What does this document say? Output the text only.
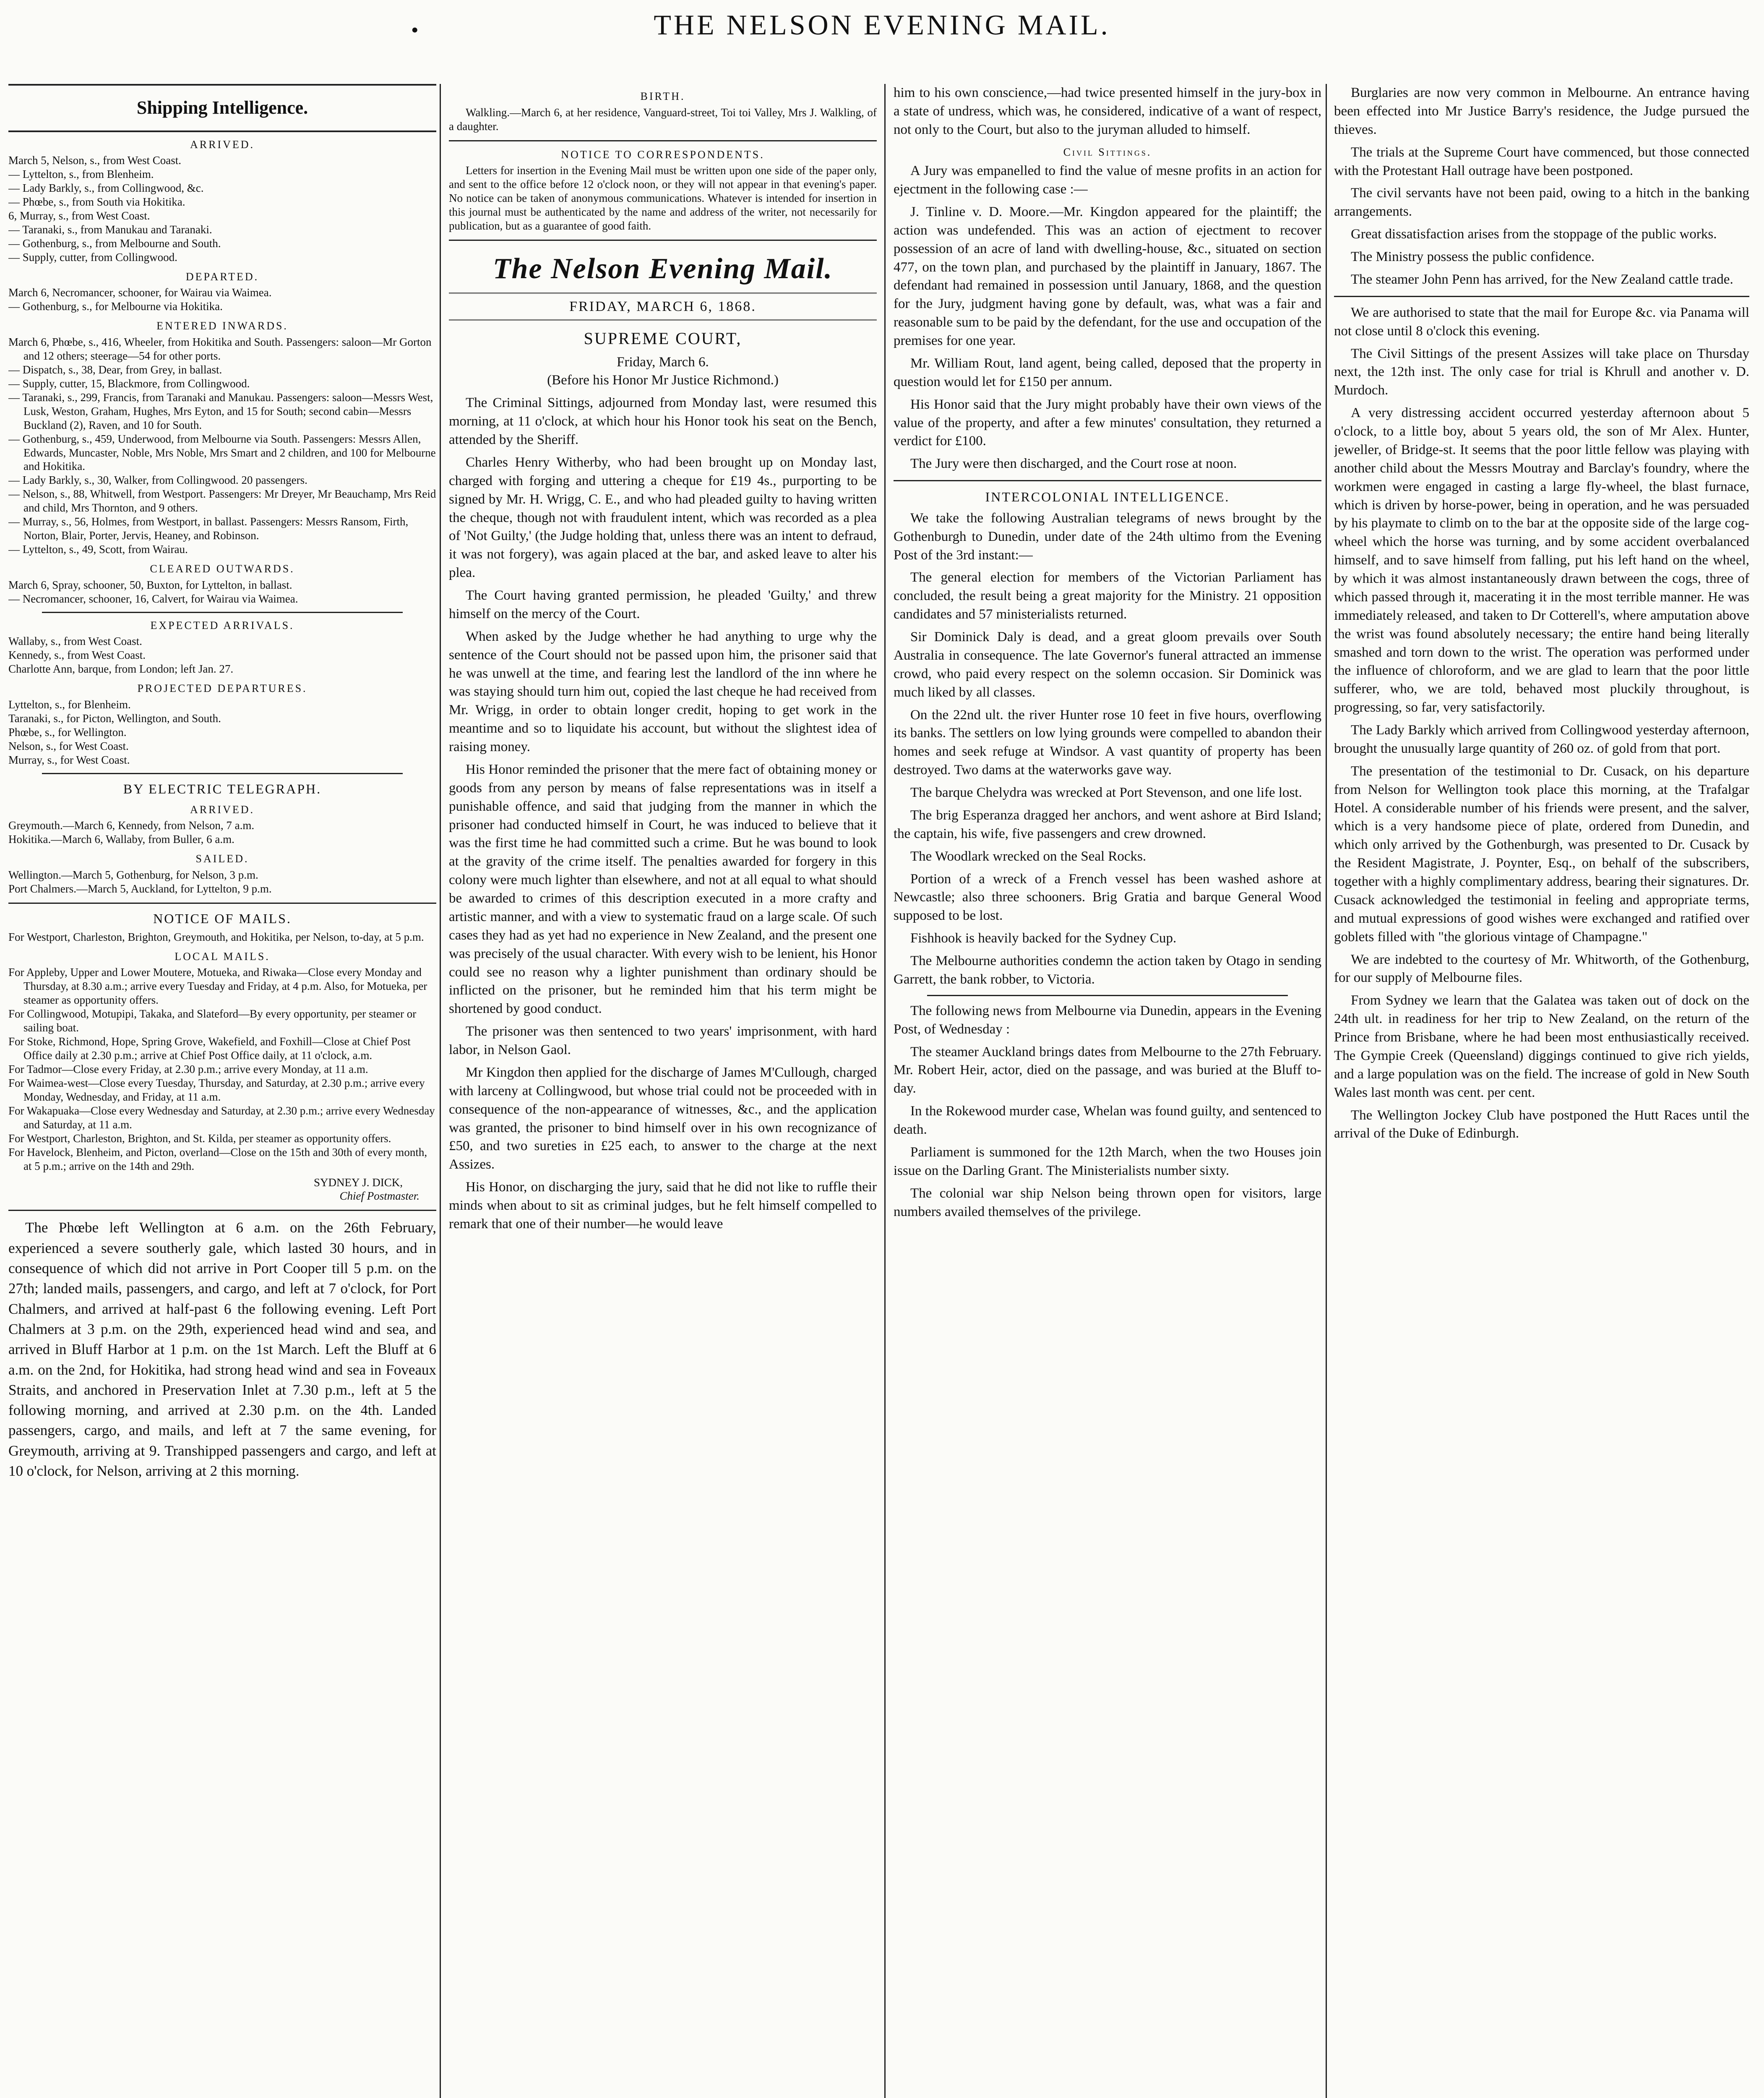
•	THE NELSON EVENING MAIL.
Shipping Intelligence.
ARRIVED.

March 5, Nelson, s., from West Coast.

— Lyttelton, s., from Blenheim.

— Lady Barkly, s., from Collingwood, &c.

— Phœbe, s., from South via Hokitika.

6, Murray, s., from West Coast.

— Taranaki, s., from Manukau and Taranaki.

— Gothenburg, s., from Melbourne and South.

— Supply, cutter, from Collingwood.

DEPARTED.

March 6, Necromancer, schooner, for Wairau via Waimea.

— Gothenburg, s., for Melbourne via Hokitika.

ENTERED INWARDS.

March 6, Phœbe, s., 416, Wheeler, from Hokitika and South. Passengers: saloon—Mr Gorton and 12 others; steerage—54 for other ports.

— Dispatch, s., 38, Dear, from Grey, in ballast.

— Supply, cutter, 15, Blackmore, from Collingwood.

— Taranaki, s., 299, Francis, from Taranaki and Manukau. Passengers: saloon—Messrs West, Lusk, Weston, Graham, Hughes, Mrs Eyton, and 15 for South; second cabin—Messrs Buckland (2), Raven, and 10 for South.

— Gothenburg, s., 459, Underwood, from Melbourne via South. Passengers: Messrs Allen, Edwards, Muncaster, Noble, Mrs Noble, Mrs Smart and 2 children, and 100 for Melbourne and Hokitika.

— Lady Barkly, s., 30, Walker, from Collingwood. 20 passengers.

— Nelson, s., 88, Whitwell, from Westport. Passengers: Mr Dreyer, Mr Beauchamp, Mrs Reid and child, Mrs Thornton, and 9 others.

— Murray, s., 56, Holmes, from Westport, in ballast. Passengers: Messrs Ransom, Firth, Norton, Blair, Porter, Jervis, Heaney, and Robinson.

— Lyttelton, s., 49, Scott, from Wairau.

CLEARED OUTWARDS.

March 6, Spray, schooner, 50, Buxton, for Lyttelton, in ballast.

— Necromancer, schooner, 16, Calvert, for Wairau via Waimea.

EXPECTED ARRIVALS.

Wallaby, s., from West Coast.

Kennedy, s., from West Coast.

Charlotte Ann, barque, from London; left Jan. 27.

PROJECTED DEPARTURES.

Lyttelton, s., for Blenheim.

Taranaki, s., for Picton, Wellington, and South.

Phœbe, s., for Wellington.

Nelson, s., for West Coast.

Murray, s., for West Coast.

BY ELECTRIC TELEGRAPH.
ARRIVED.

Greymouth.—March 6, Kennedy, from Nelson, 7 a.m.

Hokitika.—March 6, Wallaby, from Buller, 6 a.m.

SAILED.

Wellington.—March 5, Gothenburg, for Nelson, 3 p.m.

Port Chalmers.—March 5, Auckland, for Lyttelton, 9 p.m.

NOTICE OF MAILS.

For Westport, Charleston, Brighton, Greymouth, and Hokitika, per Nelson, to-day, at 5 p.m.

LOCAL MAILS.

For Appleby, Upper and Lower Moutere, Motueka, and Riwaka—Close every Monday and Thursday, at 8.30 a.m.; arrive every Tuesday and Friday, at 4 p.m. Also, for Motueka, per steamer as opportunity offers.

For Collingwood, Motupipi, Takaka, and Slateford—By every opportunity, per steamer or sailing boat.

For Stoke, Richmond, Hope, Spring Grove, Wakefield, and Foxhill—Close at Chief Post Office daily at 2.30 p.m.; arrive at Chief Post Office daily, at 11 o'clock, a.m.

For Tadmor—Close every Friday, at 2.30 p.m.; arrive every Monday, at 11 a.m.

For Waimea-west—Close every Tuesday, Thursday, and Saturday, at 2.30 p.m.; arrive every Monday, Wednesday, and Friday, at 11 a.m.

For Wakapuaka—Close every Wednesday and Saturday, at 2.30 p.m.; arrive every Wednesday and Saturday, at 11 a.m.

For Westport, Charleston, Brighton, and St. Kilda, per steamer as opportunity offers.

For Havelock, Blenheim, and Picton, overland—Close on the 15th and 30th of every month, at 5 p.m.; arrive on the 14th and 29th.

SYDNEY J. DICK,

Chief Postmaster.

The Phœbe left Wellington at 6 a.m. on the 26th February, experienced a severe southerly gale, which lasted 30 hours, and in consequence of which did not arrive in Port Cooper till 5 p.m. on the 27th; landed mails, passengers, and cargo, and left at 7 o'clock, for Port Chalmers, and arrived at half-past 6 the following evening. Left Port Chalmers at 3 p.m. on the 29th, experienced head wind and sea, and arrived in Bluff Harbor at 1 p.m. on the 1st March. Left the Bluff at 6 a.m. on the 2nd, for Hokitika, had strong head wind and sea in Foveaux Straits, and anchored in Preservation Inlet at 7.30 p.m., left at 5 the following morning, and arrived at 2.30 p.m. on the 4th. Landed passengers, cargo, and mails, and left at 7 the same evening, for Greymouth, arriving at 9. Transhipped passengers and cargo, and left at 10 o'clock, for Nelson, arriving at 2 this morning.

BIRTH.

Walkling.—March 6, at her residence, Vanguard-street, Toi toi Valley, Mrs J. Walkling, of a daughter.

NOTICE TO CORRESPONDENTS.

Letters for insertion in the Evening Mail must be written upon one side of the paper only, and sent to the office before 12 o'clock noon, or they will not appear in that evening's paper. No notice can be taken of anonymous communications. Whatever is intended for insertion in this journal must be authenticated by the name and address of the writer, not necessarily for publication, but as a guarantee of good faith.

The Nelson Evening Mail.
FRIDAY, MARCH 6, 1868.
SUPREME COURT,
Friday, March 6.
(Before his Honor Mr Justice Richmond.)

The Criminal Sittings, adjourned from Monday last, were resumed this morning, at 11 o'clock, at which hour his Honor took his seat on the Bench, attended by the Sheriff.

Charles Henry Witherby, who had been brought up on Monday last, charged with forging and uttering a cheque for £19 4s., purporting to be signed by Mr. H. Wrigg, C. E., and who had pleaded guilty to having written the cheque, though not with fraudulent intent, which was recorded as a plea of 'Not Guilty,' (the Judge holding that, unless there was an intent to defraud, it was not forgery), was again placed at the bar, and asked leave to alter his plea.

The Court having granted permission, he pleaded 'Guilty,' and threw himself on the mercy of the Court.

When asked by the Judge whether he had anything to urge why the sentence of the Court should not be passed upon him, the prisoner said that he was unwell at the time, and fearing lest the landlord of the inn where he was staying should turn him out, copied the last cheque he had received from Mr. Wrigg, in order to obtain longer credit, hoping to get work in the meantime and so to liquidate his account, but without the slightest idea of raising money.

His Honor reminded the prisoner that the mere fact of obtaining money or goods from any person by means of false representations was in itself a punishable offence, and said that judging from the manner in which the prisoner had conducted himself in Court, he was induced to believe that it was the first time he had committed such a crime. But he was bound to look at the gravity of the crime itself. The penalties awarded for forgery in this colony were much lighter than elsewhere, and not at all equal to what should be awarded to crimes of this description executed in a more crafty and artistic manner, and with a view to systematic fraud on a large scale. Of such cases they had as yet had no experience in New Zealand, and the present one was precisely of the usual character. With every wish to be lenient, his Honor could see no reason why a lighter punishment than ordinary should be inflicted on the prisoner, but he reminded him that his term might be shortened by good conduct.

The prisoner was then sentenced to two years' imprisonment, with hard labor, in Nelson Gaol.

Mr Kingdon then applied for the discharge of James M'Cullough, charged with larceny at Collingwood, but whose trial could not be proceeded with in consequence of the non-appearance of witnesses, &c., and the application was granted, the prisoner to bind himself over in his own recognizance of £50, and two sureties in £25 each, to answer to the charge at the next Assizes.

His Honor, on discharging the jury, said that he did not like to ruffle their minds when about to sit as criminal judges, but he felt himself compelled to remark that one of their number—he would leave

him to his own conscience,—had twice presented himself in the jury-box in a state of undress, which was, he considered, indicative of a want of respect, not only to the Court, but also to the juryman alluded to himself.

Civil Sittings.

A Jury was empanelled to find the value of mesne profits in an action for ejectment in the following case :—

J. Tinline v. D. Moore.—Mr. Kingdon appeared for the plaintiff; the action was undefended. This was an action of ejectment to recover possession of an acre of land with dwelling-house, &c., situated on section 477, on the town plan, and purchased by the plaintiff in January, 1867. The defendant had remained in possession until January, 1868, and the question for the Jury, judgment having gone by default, was, what was a fair and reasonable sum to be paid by the defendant, for the use and occupation of the premises for one year.

Mr. William Rout, land agent, being called, deposed that the property in question would let for £150 per annum.

His Honor said that the Jury might probably have their own views of the value of the property, and after a few minutes' consultation, they returned a verdict for £100.

The Jury were then discharged, and the Court rose at noon.

INTERCOLONIAL INTELLIGENCE.

We take the following Australian telegrams of news brought by the Gothenburgh to Dunedin, under date of the 24th ultimo from the Evening Post of the 3rd instant:—

The general election for members of the Victorian Parliament has concluded, the result being a great majority for the Ministry. 21 opposition candidates and 57 ministerialists returned.

Sir Dominick Daly is dead, and a great gloom prevails over South Australia in consequence. The late Governor's funeral attracted an immense crowd, who paid every respect on the solemn occasion. Sir Dominick was much liked by all classes.

On the 22nd ult. the river Hunter rose 10 feet in five hours, overflowing its banks. The settlers on low lying grounds were compelled to abandon their homes and seek refuge at Windsor. A vast quantity of property has been destroyed. Two dams at the waterworks gave way.

The barque Chelydra was wrecked at Port Stevenson, and one life lost.

The brig Esperanza dragged her anchors, and went ashore at Bird Island; the captain, his wife, five passengers and crew drowned.

The Woodlark wrecked on the Seal Rocks.

Portion of a wreck of a French vessel has been washed ashore at Newcastle; also three schooners. Brig Gratia and barque General Wood supposed to be lost.

Fishhook is heavily backed for the Sydney Cup.

The Melbourne authorities condemn the action taken by Otago in sending Garrett, the bank robber, to Victoria.

The following news from Melbourne via Dunedin, appears in the Evening Post, of Wednesday :

The steamer Auckland brings dates from Melbourne to the 27th February. Mr. Robert Heir, actor, died on the passage, and was buried at the Bluff to-day.

In the Rokewood murder case, Whelan was found guilty, and sentenced to death.

Parliament is summoned for the 12th March, when the two Houses join issue on the Darling Grant. The Ministerialists number sixty.

The colonial war ship Nelson being thrown open for visitors, large numbers availed themselves of the privilege.

Burglaries are now very common in Melbourne. An entrance having been effected into Mr Justice Barry's residence, the Judge pursued the thieves.

The trials at the Supreme Court have commenced, but those connected with the Protestant Hall outrage have been postponed.

The civil servants have not been paid, owing to a hitch in the banking arrangements.

Great dissatisfaction arises from the stoppage of the public works.

The Ministry possess the public confidence.

The steamer John Penn has arrived, for the New Zealand cattle trade.

We are authorised to state that the mail for Europe &c. via Panama will not close until 8 o'clock this evening.

The Civil Sittings of the present Assizes will take place on Thursday next, the 12th inst. The only case for trial is Khrull and another v. D. Murdoch.

A very distressing accident occurred yesterday afternoon about 5 o'clock, to a little boy, about 5 years old, the son of Mr Alex. Hunter, jeweller, of Bridge-st. It seems that the poor little fellow was playing with another child about the Messrs Moutray and Barclay's foundry, where the workmen were engaged in casting a large fly-wheel, the blast furnace, which is driven by horse-power, being in operation, and he was persuaded by his playmate to climb on to the bar at the opposite side of the large cog-wheel which the horse was turning, and by some accident overbalanced himself, and to save himself from falling, put his left hand on the wheel, by which it was almost instantaneously drawn between the cogs, three of which passed through it, macerating it in the most terrible manner. He was immediately released, and taken to Dr Cotterell's, where amputation above the wrist was found absolutely necessary; the entire hand being literally smashed and torn down to the wrist. The operation was performed under the influence of chloroform, and we are glad to learn that the poor little sufferer, who, we are told, behaved most pluckily throughout, is progressing, so far, very satisfactorily.

The Lady Barkly which arrived from Collingwood yesterday afternoon, brought the unusually large quantity of 260 oz. of gold from that port.

The presentation of the testimonial to Dr. Cusack, on his departure from Nelson for Wellington took place this morning, at the Trafalgar Hotel. A considerable number of his friends were present, and the salver, which is a very handsome piece of plate, ordered from Dunedin, and which only arrived by the Gothenburgh, was presented to Dr. Cusack by the Resident Magistrate, J. Poynter, Esq., on behalf of the subscribers, together with a highly complimentary address, bearing their signatures. Dr. Cusack acknowledged the testimonial in feeling and appropriate terms, and mutual expressions of good wishes were exchanged and ratified over goblets filled with "the glorious vintage of Champagne."

We are indebted to the courtesy of Mr. Whitworth, of the Gothenburg, for our supply of Melbourne files.

From Sydney we learn that the Galatea was taken out of dock on the 24th ult. in readiness for her trip to New Zealand, on the return of the Prince from Brisbane, where he had been most enthusiastically received. The Gympie Creek (Queensland) diggings continued to give rich yields, and a large population was on the field. The increase of gold in New South Wales last month was cent. per cent.

The Wellington Jockey Club have postponed the Hutt Races until the arrival of the Duke of Edinburgh.
